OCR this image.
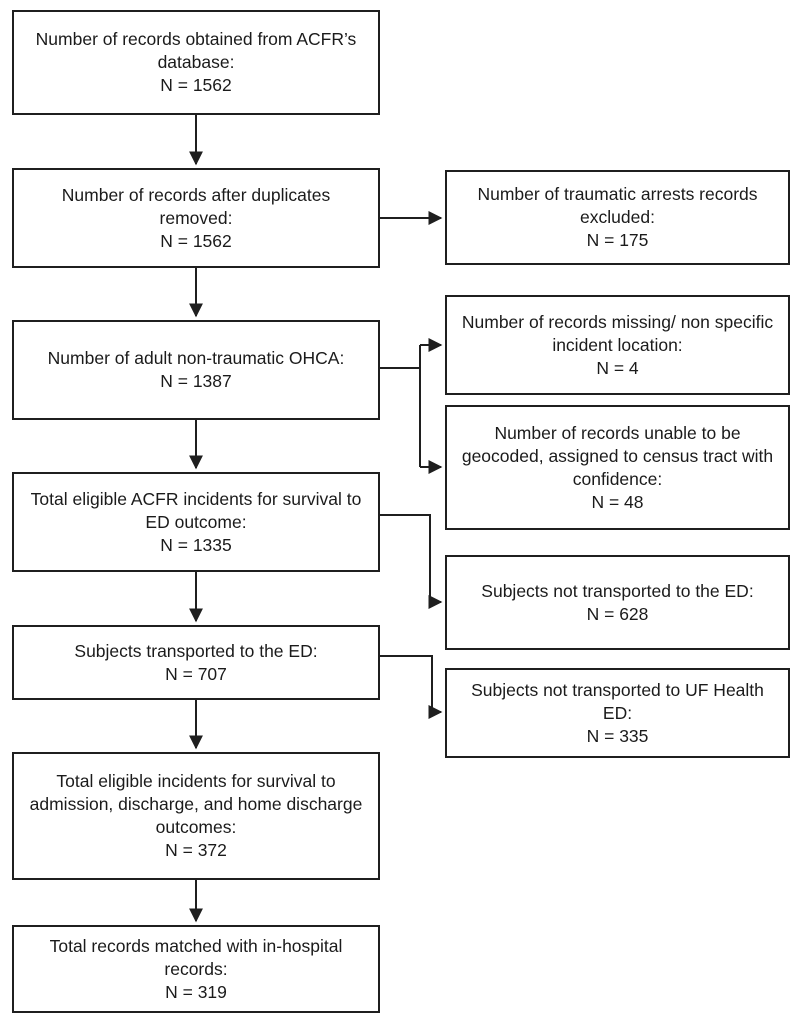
Number of records obtained from ACFR’s database:
N = 1562
Number of records after duplicates removed:
N = 1562
Number of adult non-traumatic OHCA:
N = 1387
Total eligible ACFR incidents for survival to ED outcome:
N = 1335
Subjects transported to the ED:
N = 707
Total eligible incidents for survival to admission, discharge, and home discharge outcomes:
N = 372
Total records matched with in-hospital records:
N = 319
Number of traumatic arrests records excluded:
N = 175
Number of records missing/ non specific incident location:
N = 4
Number of records unable to be geocoded, assigned to census tract with confidence:
N = 48
Subjects not transported to the ED:
N = 628
Subjects not transported to UF Health ED:
N = 335
